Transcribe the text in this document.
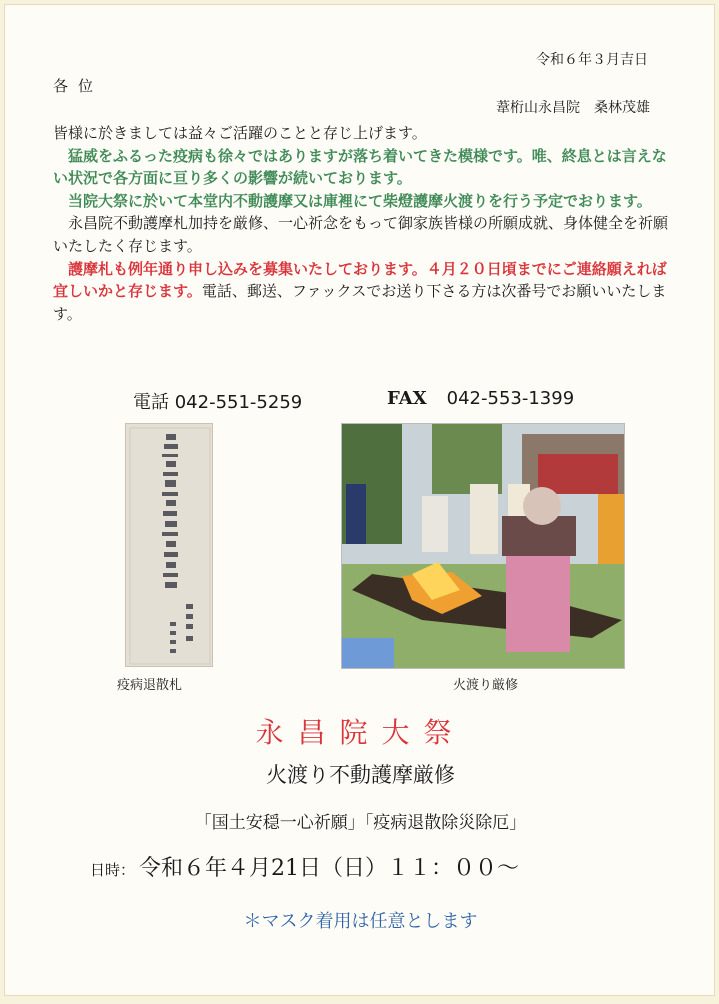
令和６年３月吉日
各位
葦桁山永昌院　桑林茂雄

皆様に於きましては益々ご活躍のことと存じ上げます。

猛威をふるった疫病も徐々ではありますが落ち着いてきた模様です。唯、終息とは言えない状況で各方面に亘り多くの影響が続いております。

当院大祭に於いて本堂内不動護摩又は庫裡にて柴燈護摩火渡りを行う予定でおります。

永昌院不動護摩札加持を厳修、一心祈念をもって御家族皆様の所願成就、身体健全を祈願いたしたく存じます。

護摩札も例年通り申し込みを募集いたしております。４月２０日頃までにご連絡願えれば宜しいかと存じます。電話、郵送、ファックスでお送り下さる方は次番号でお願いいたします。

電話 042-551-5259	FAX 042-553-1399
疫病退散札	火渡り厳修
永昌院大祭
火渡り不動護摩厳修
「国土安穏一心祈願」「疫病退散除災除厄」
日時： 令和６年４月21日（日）１１：００～
＊マスク着用は任意とします
